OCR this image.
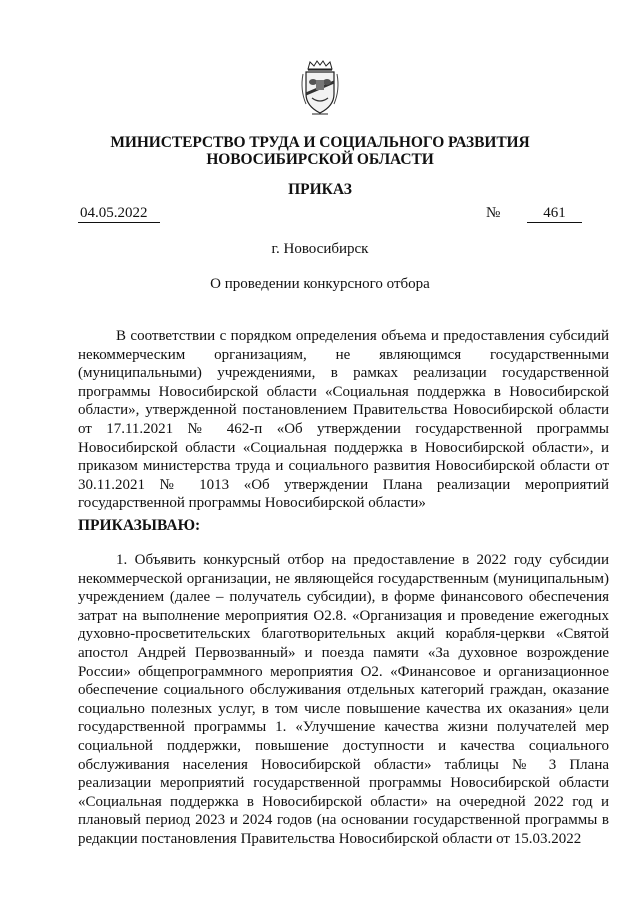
МИНИСТЕРСТВО ТРУДА И СОЦИАЛЬНОГО РАЗВИТИЯ
НОВОСИБИРСКОЙ ОБЛАСТИ
ПРИКАЗ
04.05.2022	№	461
г. Новосибирск
О проведении конкурсного отбора

В соответствии с порядком определения объема и предоставления субсидий некоммерческим организациям, не являющимся государственными (муниципальными) учреждениями, в рамках реализации государственной программы Новосибирской области «Социальная поддержка в Новосибирской области», утвержденной постановлением Правительства Новосибирской области от 17.11.2021 № 462-п «Об утверждении государственной программы Новосибирской области «Социальная поддержка в Новосибирской области», и приказом министерства труда и социального развития Новосибирской области от 30.11.2021 № 1013 «Об утверждении Плана реализации мероприятий государственной программы Новосибирской области»

ПРИКАЗЫВАЮ:

1. Объявить конкурсный отбор на предоставление в 2022 году субсидии некоммерческой организации, не являющейся государственным (муниципальным) учреждением (далее – получатель субсидии), в форме финансового обеспечения затрат на выполнение мероприятия О2.8. «Организация и проведение ежегодных духовно-просветительских благотворительных акций корабля-церкви «Святой апостол Андрей Первозванный» и поезда памяти «За духовное возрождение России» общепрограммного мероприятия О2. «Финансовое и организационное обеспечение социального обслуживания отдельных категорий граждан, оказание социально полезных услуг, в том числе повышение качества их оказания» цели государственной программы 1. «Улучшение качества жизни получателей мер социальной поддержки, повышение доступности и качества социального обслуживания населения Новосибирской области» таблицы № 3 Плана реализации мероприятий государственной программы Новосибирской области «Социальная поддержка в Новосибирской области» на очередной 2022 год и плановый период 2023 и 2024 годов (на основании государственной программы в редакции постановления Правительства Новосибирской области от 15.03.2022
